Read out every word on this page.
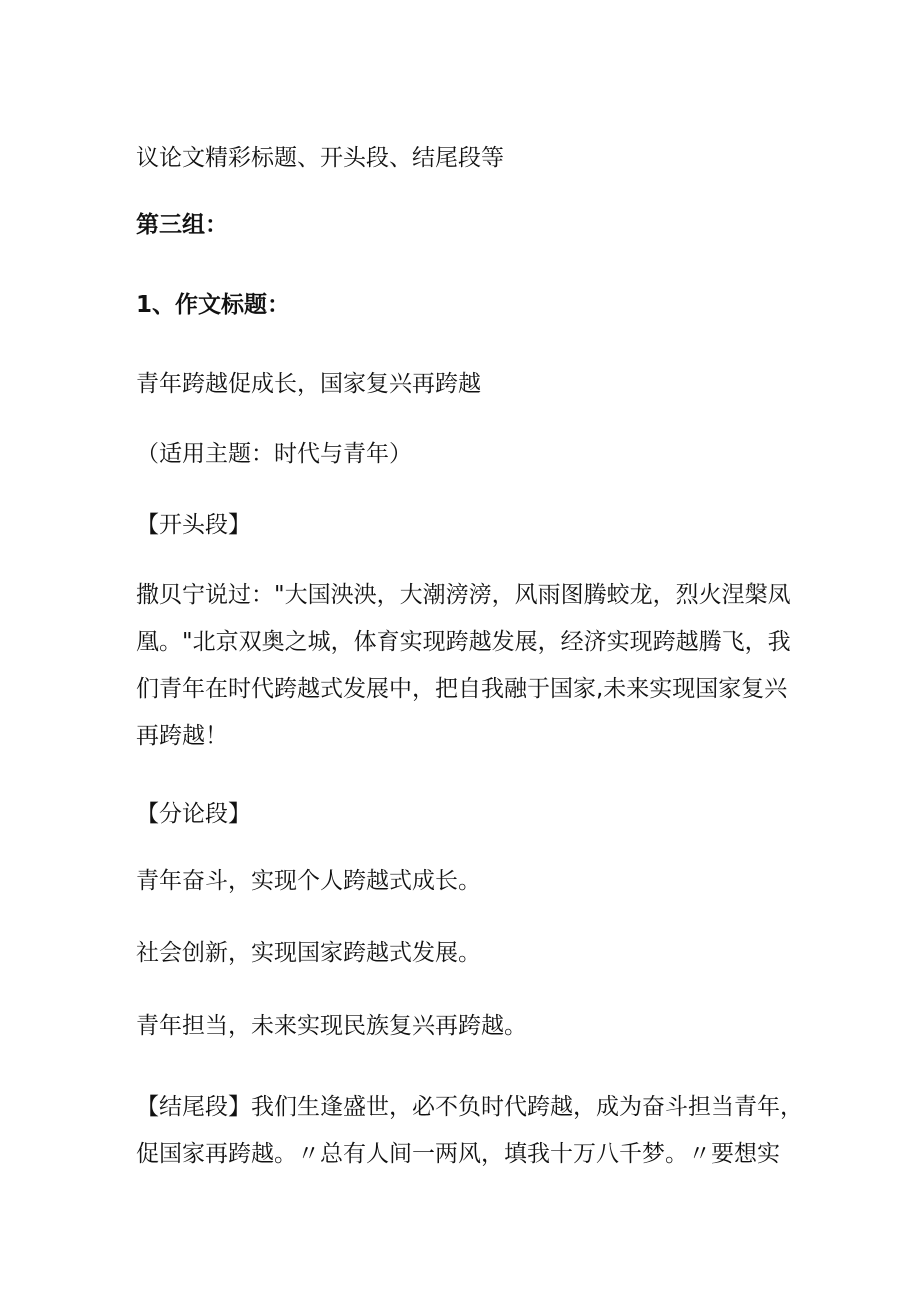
议论文精彩标题、开头段、结尾段等
第三组：
1、作文标题：
青年跨越促成长，国家复兴再跨越
（适用主题：时代与青年）
【开头段】
撒贝宁说过："大国泱泱，大潮滂滂，风雨图腾蛟龙，烈火涅槃凤
凰。"北京双奥之城，体育实现跨越发展，经济实现跨越腾飞，我
们青年在时代跨越式发展中，把自我融于国家,未来实现国家复兴
再跨越！
【分论段】
青年奋斗，实现个人跨越式成长。
社会创新，实现国家跨越式发展。
青年担当，未来实现民族复兴再跨越。
【结尾段】我们生逢盛世，必不负时代跨越，成为奋斗担当青年，
促国家再跨越。〃总有人间一两风，填我十万八千梦。〃要想实
